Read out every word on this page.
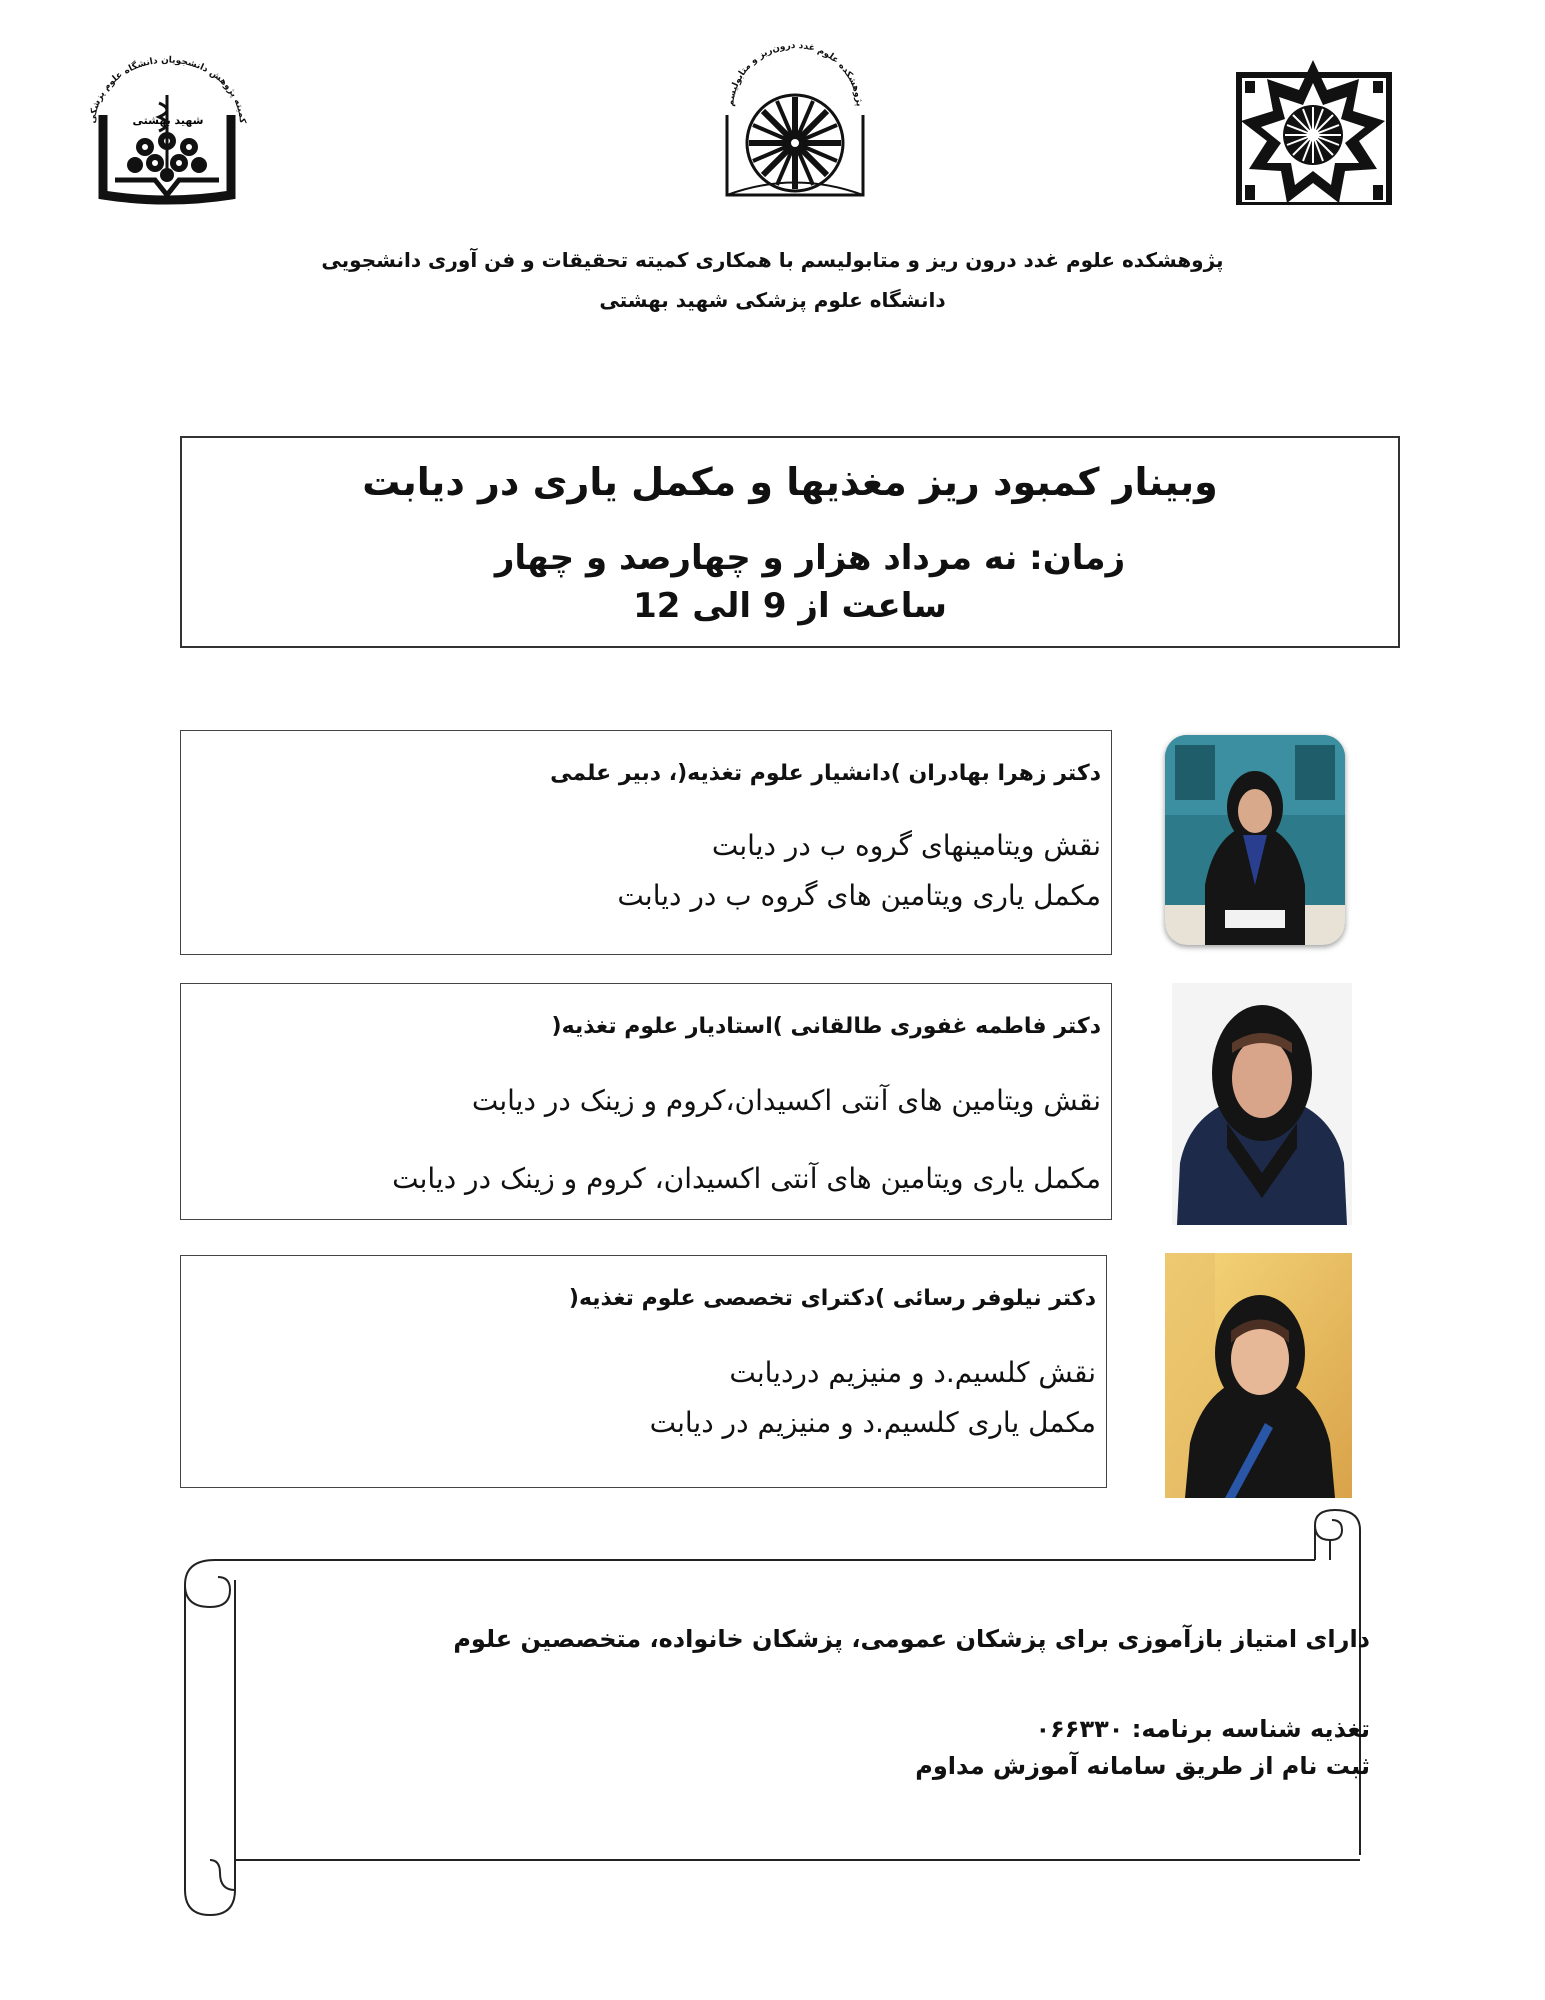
کمیته پژوهش دانشجویان دانشگاه علوم پزشکی
شهید بهشتی
پژوهشکده علوم غدد درون‌ریز و متابولیسم
پژوهشکده علوم غدد درون ریز و متابولیسم با همکاری کمیته تحقیقات و فن آوری دانشجویی
دانشگاه علوم پزشکی شهید بهشتی
وبینار کمبود ریز مغذیها و مکمل یاری در دیابت
زمان: نه مرداد هزار و چهارصد و چهار
ساعت از 9 الی 12
دکتر زهرا بهادران )دانشیار علوم تغذیه(، دبیر علمی
نقش ویتامینهای گروه ب در دیابت
مکمل یاری ویتامین های گروه ب در دیابت
دکتر فاطمه غفوری طالقانی )استادیار علوم تغذیه(
نقش ویتامین های آنتی اکسیدان،کروم و زینک در دیابت
مکمل یاری ویتامین های آنتی اکسیدان، کروم و زینک در دیابت
دکتر نیلوفر رسائی )دکترای تخصصی علوم تغذیه(
نقش کلسیم.د و منیزیم دردیابت
مکمل یاری کلسیم.د و منیزیم در دیابت
دارای امتیاز بازآموزی برای پزشکان عمومی، پزشکان خانواده، متخصصین علوم
تغذیه شناسه برنامه: ۰۶۶۳۳۰
ثبت نام از طریق سامانه آموزش مداوم
